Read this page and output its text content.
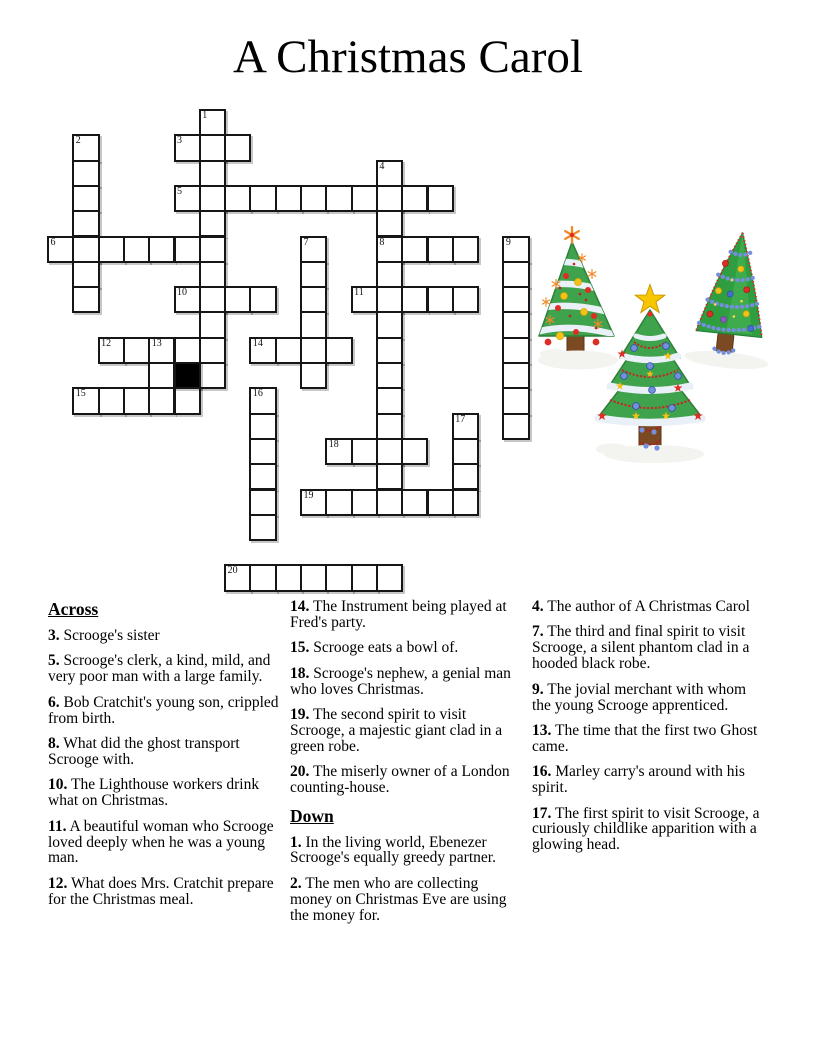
A Christmas Carol
1
2	3
4
5
6	7	8	9
10	11
12	13	14
15	16
17
18
19
20
Across

3. Scrooge's sister

5. Scrooge's clerk, a kind, mild, and very poor man with a large family.

6. Bob Cratchit's young son, crippled from birth.

8. What did the ghost transport Scrooge with.

10. The Lighthouse workers drink what on Christmas.

11. A beautiful woman who Scrooge loved deeply when he was a young man.

12. What does Mrs. Cratchit prepare for the Christmas meal.

14. The Instrument being played at Fred's party.

15. Scrooge eats a bowl of.

18. Scrooge's nephew, a genial man who loves Christmas.

19. The second spirit to visit Scrooge, a majestic giant clad in a green robe.

20. The miserly owner of a London counting-house.

Down

1. In the living world, Ebenezer Scrooge's equally greedy partner.

2. The men who are collecting money on Christmas Eve are using the money for.

4. The author of A Christmas Carol

7. The third and final spirit to visit Scrooge, a silent phantom clad in a hooded black robe.

9. The jovial merchant with whom the young Scrooge apprenticed.

13. The time that the first two Ghost came.

16. Marley carry's around with his spirit.

17. The first spirit to visit Scrooge, a curiously childlike apparition with a glowing head.
